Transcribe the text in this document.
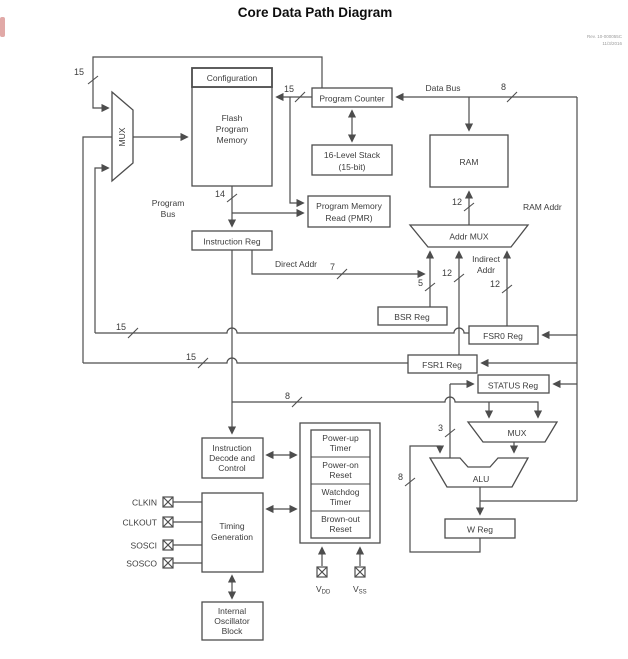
Core Data Path Diagram
Rev. 10-000055C
11/3/2016
15
15
14
8
12
7
5
12
12
15
15
8
3
8
Data Bus
RAM Addr
Program
Bus
Direct Addr	Indirect
Addr
Configuration
Flash
Program
Memory
MUX
Program Counter
16-Level Stack
(15-bit)	RAM
Program Memory
Read (PMR)
Instruction Reg	Addr MUX
BSR Reg
FSR0 Reg
FSR1 Reg
STATUS Reg
MUX
ALU
W Reg
Instruction
Decode and
Control
Timing
Generation
Internal
Oscillator
Block
Power-up
Timer
Power-on
Reset
Watchdog
Timer
Brown-out
Reset
CLKIN
CLKOUT
SOSCI
SOSCO
VDD	VSS
